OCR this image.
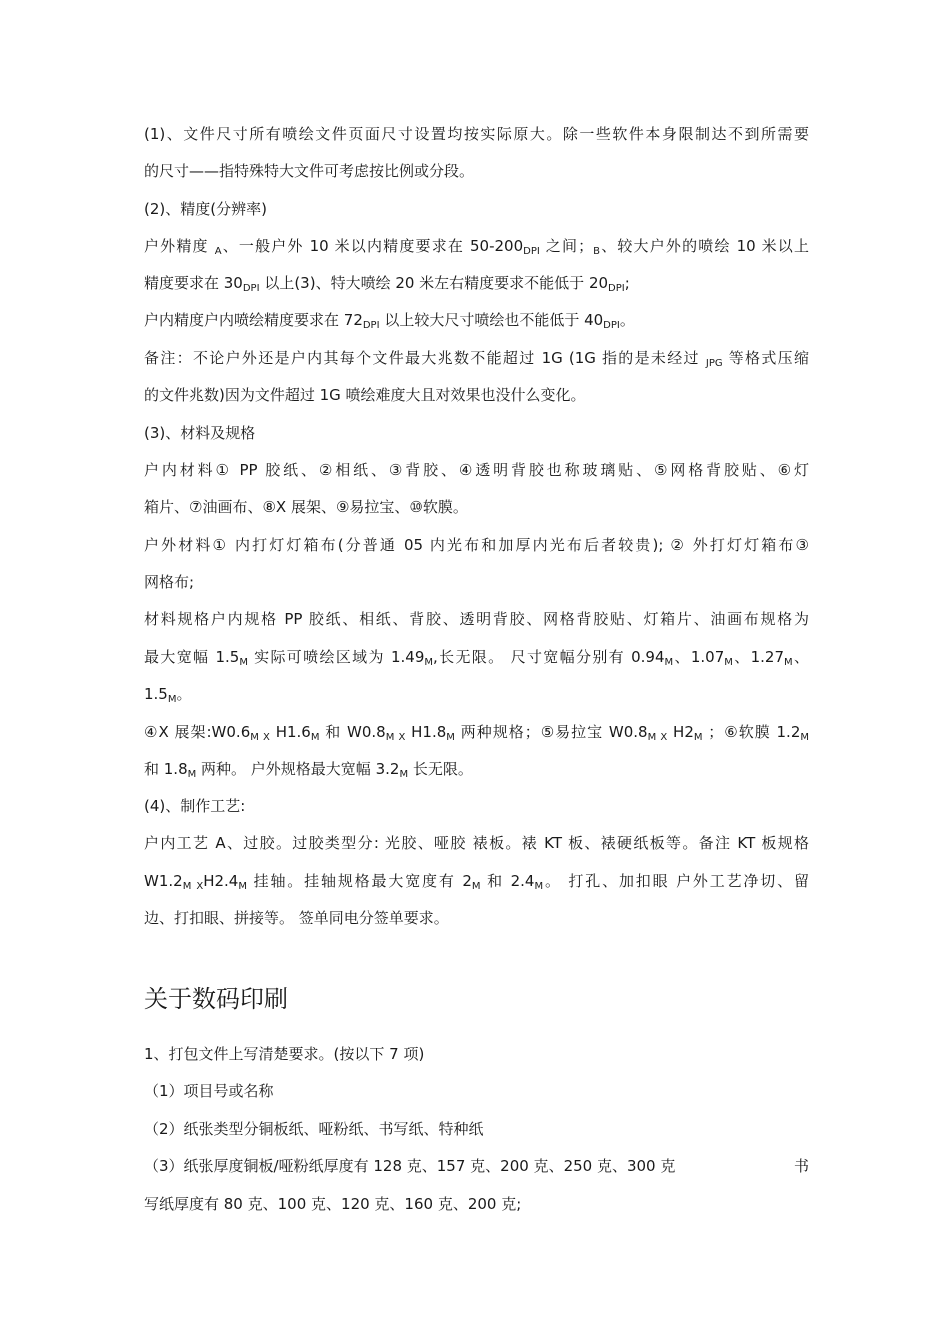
(1)、文件尺寸所有喷绘文件页面尺寸设置均按实际原大。除一些软件本身限制达不到所需要
的尺寸——指特殊特大文件可考虑按比例或分段。
(2)、精度(分辨率)
户外精度 $_A$、一般户外 10 米以内精度要求在 $50-200_{DPI}$ 之间；$_B$、较大户外的喷绘 10 米以上
精度要求在 $30_{DPI}$ 以上(3)、特大喷绘 20 米左右精度要求不能低于 $20_{DPI}$;
户内精度户内喷绘精度要求在 $72_{DPI}$ 以上较大尺寸喷绘也不能低于 $40_{DPI}$。
备注：不论户外还是户内其每个文件最大兆数不能超过 1G (1G 指的是未经过 $_{JPG}$ 等格式压缩
的文件兆数)因为文件超过 1G 喷绘难度大且对效果也没什么变化。
(3)、材料及规格
户内材料① PP 胶纸、②相纸、③背胶、④透明背胶也称玻璃贴、⑤网格背胶贴、⑥灯
箱片、⑦油画布、⑧X 展架、⑨易拉宝、⑩软膜。
户外材料① 内打灯灯箱布(分普通 05 内光布和加厚内光布后者较贵); ② 外打灯灯箱布③
网格布;
材料规格户内规格 PP 胶纸、相纸、背胶、透明背胶、网格背胶贴、灯箱片、油画布规格为
最大宽幅 $1.5_M$ 实际可喷绘区域为 $1.49_M$,长无限。 尺寸宽幅分别有 $0.94_M$、$1.07_M$、$1.27_M$、
$1.5_M$。
④X 展架$:W0.6_{M X}$ $H1.6_M$ 和 $W0.8_{M X}$ $H1.8_M$ 两种规格；⑤易拉宝 $W0.8_{M X}$ $H2_M$ ；⑥软膜 $1.2_M$
和 $1.8_M$ 两种。 户外规格最大宽幅 $3.2_M$ 长无限。
(4)、制作工艺:
户内工艺 A、过胶。过胶类型分: 光胶、哑胶 裱板。裱 KT 板、裱硬纸板等。备注 KT 板规格
$W1.2_{M X}H2.4_M$ 挂轴。挂轴规格最大宽度有 $2_M$ 和 $2.4_M$。 打孔、加扣眼 户外工艺净切、留
边、打扣眼、拼接等。 签单同电分签单要求。
关于数码印刷
1、打包文件上写清楚要求。(按以下 7 项)
（1）项目号或名称
（2）纸张类型分铜板纸、哑粉纸、书写纸、特种纸
（3）纸张厚度铜板/哑粉纸厚度有 128 克、157 克、200 克、250 克、300 克	书
写纸厚度有 80 克、100 克、120 克、160 克、200 克;
